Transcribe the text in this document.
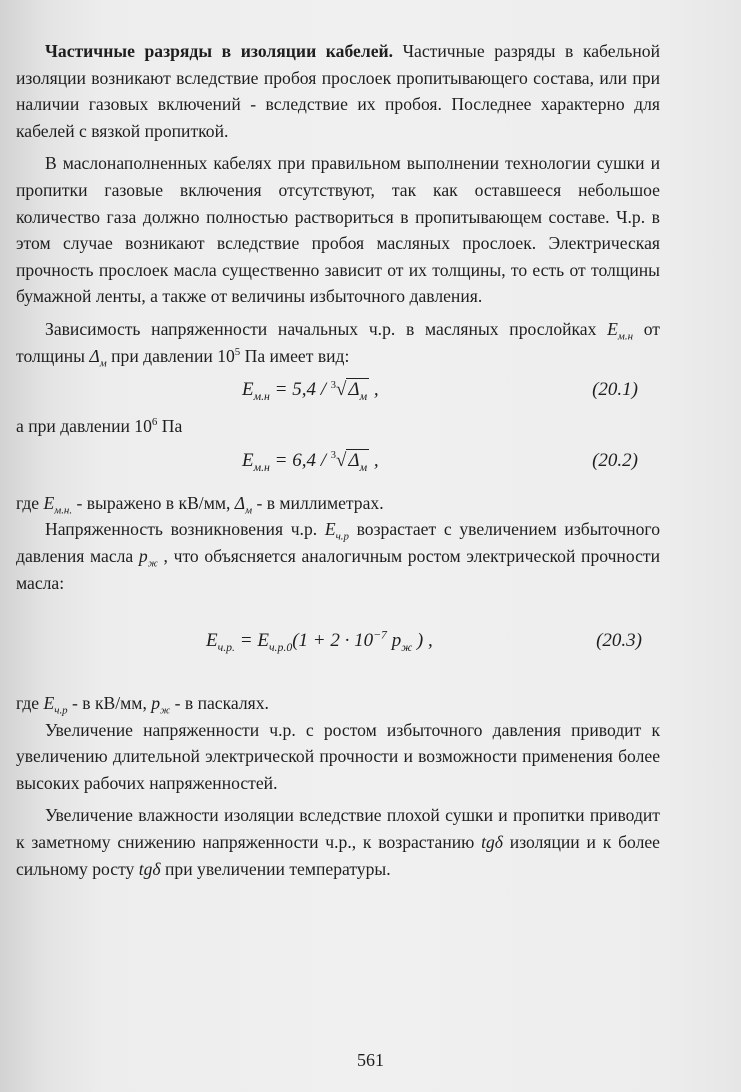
Частичные разряды в изоляции кабелей. Частичные разряды в кабельной изоляции возникают вследствие пробоя прослоек пропитывающего состава, или при наличии газовых включений - вследствие их пробоя. Последнее характерно для кабелей с вязкой пропиткой.

В маслонаполненных кабелях при правильном выполнении технологии сушки и пропитки газовые включения отсутствуют, так как оставшееся небольшое количество газа должно полностью раствориться в пропитывающем составе. Ч.р. в этом случае возникают вследствие пробоя масляных прослоек. Электрическая прочность прослоек масла существенно зависит от их толщины, то есть от толщины бумажной ленты, а также от величины избыточного давления.

Зависимость напряженности начальных ч.р. в масляных прослойках $E_{м.н}$ от толщины $\Delta_м$ при давлении $10^5$ Па имеет вид:

$E_{м.н} = 5,4 / ^3√$ $\Delta_м$ ,	(20.1)

а при давлении $10^6$ Па

$E_{м.н} = 6,4 / ^3√$ $\Delta_м$ ,	(20.2)

где $E_{м.н.}$ - выражено в кВ/мм, $\Delta_м$ - в миллиметрах.

Напряженность возникновения ч.р. $E_{ч.р}$ возрастает с увеличением избыточного давления масла $p_ж$ , что объясняется аналогичным ростом электрической прочности масла:

$E_{ч.р.} = E_{ч.р.0}(1 + 2 \cdot 10^{-7}$ $p_ж$ ) ,	(20.3)

где $E_{ч.р}$ - в кВ/мм, $p_ж$ - в паскалях.

Увеличение напряженности ч.р. с ростом избыточного давления приводит к увеличению длительной электрической прочности и возможности применения более высоких рабочих напряженностей.

Увеличение влажности изоляции вследствие плохой сушки и пропитки приводит к заметному снижению напряженности ч.р., к возрастанию tgδ изоляции и к более сильному росту tgδ при увеличении температуры.

561
